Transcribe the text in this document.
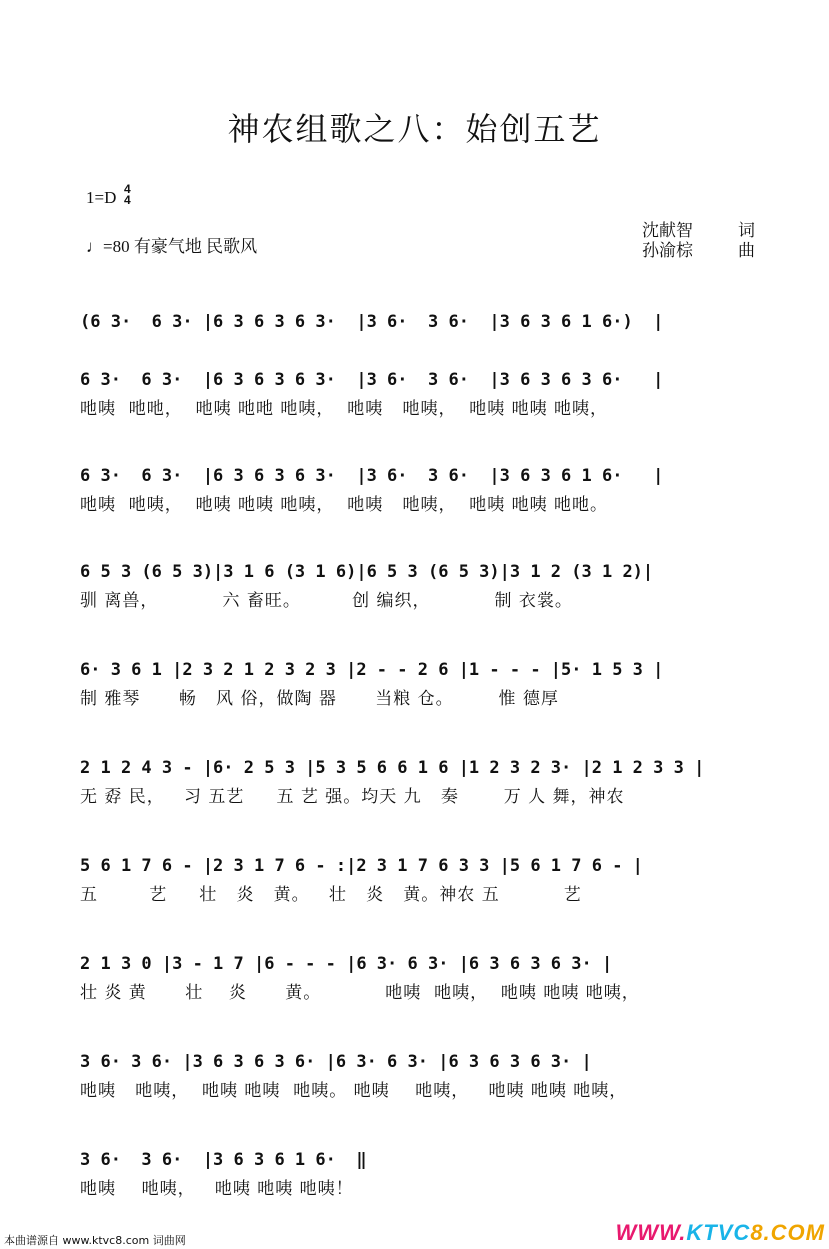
神农组歌之八：始创五艺
1=D 4
4
♩=80 有豪气地 民歌风
沈献智	词
孙渝棕	曲
(6 3·  6 3· |6 3 6 3 6 3·  |3 6·  3 6·  |3 6 3 6 1 6·)  |
6 3·  6 3·  |6 3 6 3 6 3·  |3 6·  3 6·  |3 6 3 6 3 6·   |
吔咦  吔吔，  吔咦 吔吔 吔咦，  吔咦   吔咦，  吔咦 吔咦 吔咦，
6 3·  6 3·  |6 3 6 3 6 3·  |3 6·  3 6·  |3 6 3 6 1 6·   |
吔咦  吔咦，  吔咦 吔咦 吔咦，  吔咦   吔咦，  吔咦 吔咦 吔吔。
6 5 3 (6 5 3)|3 1 6 (3 1 6)|6 5 3 (6 5 3)|3 1 2 (3 1 2)|
驯 离兽，          六 畜旺。        创 编织，          制 衣裳。
6· 3 6 1 |2 3 2 1 2 3 2 3 |2 - - 2 6 |1 - - - |5· 1 5 3 |
制 雅琴      畅   风 俗，做陶 器      当粮 仓。       惟 德厚
2 1 2 4 3 - |6· 2 5 3 |5 3 5 6 6 1 6 |1 2 3 2 3· |2 1 2 3 3 |
无 孬 民，   习 五艺     五 艺 强。均天 九   奏       万 人 舞，神农
5 6 1 7 6 - |2 3 1 7 6 - :|2 3 1 7 6 3 3 |5 6 1 7 6 - |
五        艺     壮   炎   黄。   壮   炎   黄。神农 五          艺
2 1 3 0 |3 - 1 7 |6 - - - |6 3· 6 3· |6 3 6 3 6 3· |
壮 炎 黄      壮    炎      黄。          吔咦  吔咦，  吔咦 吔咦 吔咦，
3 6· 3 6· |3 6 3 6 3 6· |6 3· 6 3· |6 3 6 3 6 3· |
吔咦   吔咦，  吔咦 吔咦  吔咦。 吔咦    吔咦，   吔咦 吔咦 吔咦，
3 6·  3 6·  |3 6 3 6 1 6·  ‖
吔咦    吔咦，   吔咦 吔咦 吔咦！
本曲谱源自 www.ktvc8.com 词曲网	WWW.KTVC8.COM
